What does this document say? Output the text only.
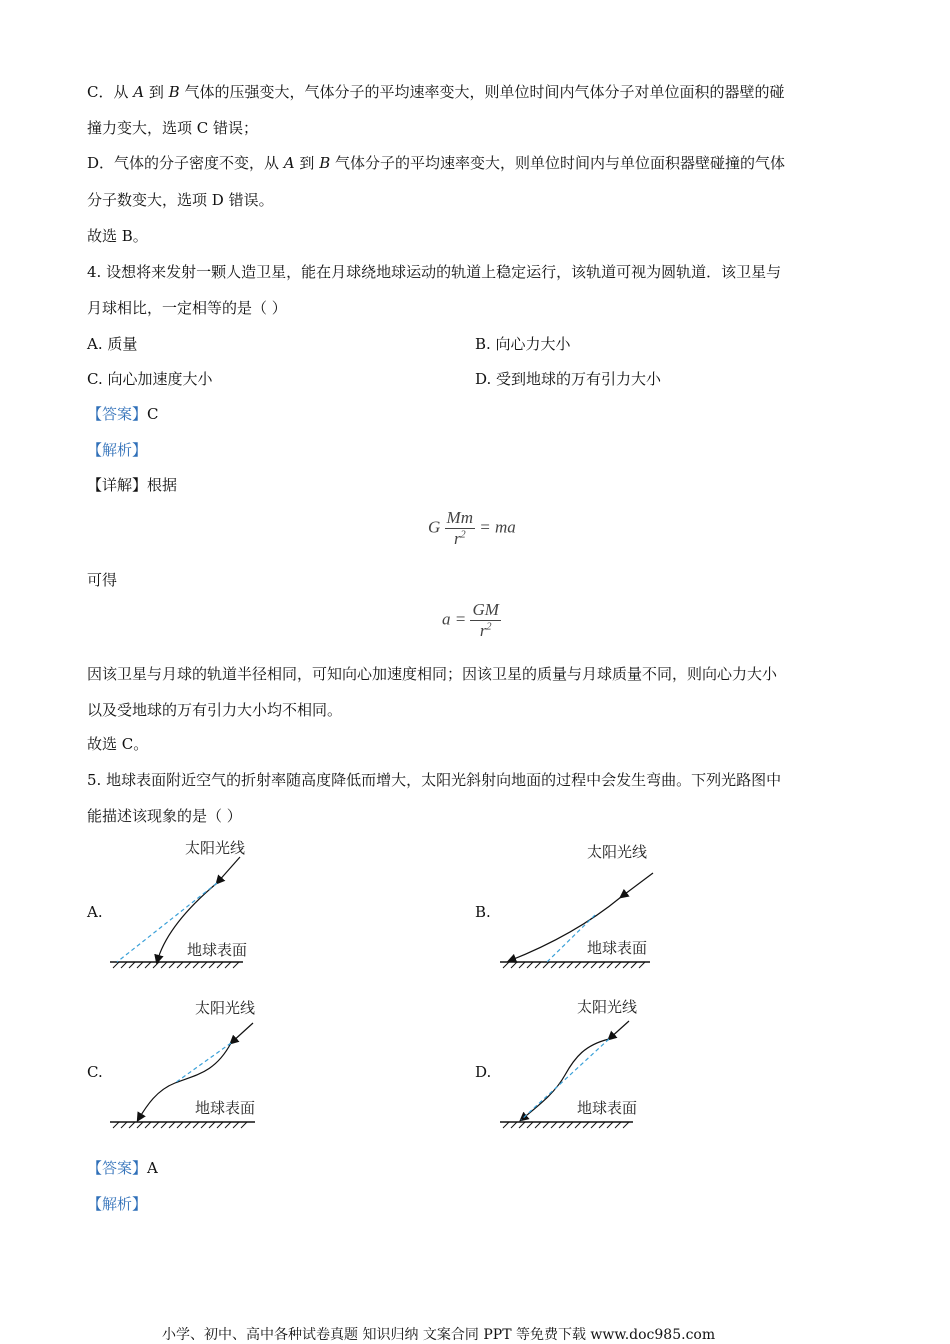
C．从 A 到 B 气体的压强变大，气体分子的平均速率变大，则单位时间内气体分子对单位面积的器壁的碰
撞力变大，选项 C 错误；
D．气体的分子密度不变，从 A 到 B 气体分子的平均速率变大，则单位时间内与单位面积器壁碰撞的气体
分子数变大，选项 D 错误。
故选 B。
4. 设想将来发射一颗人造卫星，能在月球绕地球运动的轨道上稳定运行，该轨道可视为圆轨道．该卫星与
月球相比，一定相等的是（ ）
A. 质量	B. 向心力大小
C. 向心加速度大小	D. 受到地球的万有引力大小
【答案】C
【解析】
【详解】根据
G $\frac{Mm}{r^2}$ = ma
可得
$a = \frac{GM}{r^2}$
因该卫星与月球的轨道半径相同，可知向心加速度相同；因该卫星的质量与月球质量不同，则向心力大小
以及受地球的万有引力大小均不相同。
故选 C。
5. 地球表面附近空气的折射率随高度降低而增大，太阳光斜射向地面的过程中会发生弯曲。下列光路图中
能描述该现象的是（ ）
A.
太阳光线
地球表面
B.
太阳光线
地球表面
C.
太阳光线
地球表面
D.
太阳光线
地球表面
【答案】A
【解析】
小学、初中、高中各种试卷真题 知识归纳 文案合同 PPT 等免费下载 www.doc985.com
